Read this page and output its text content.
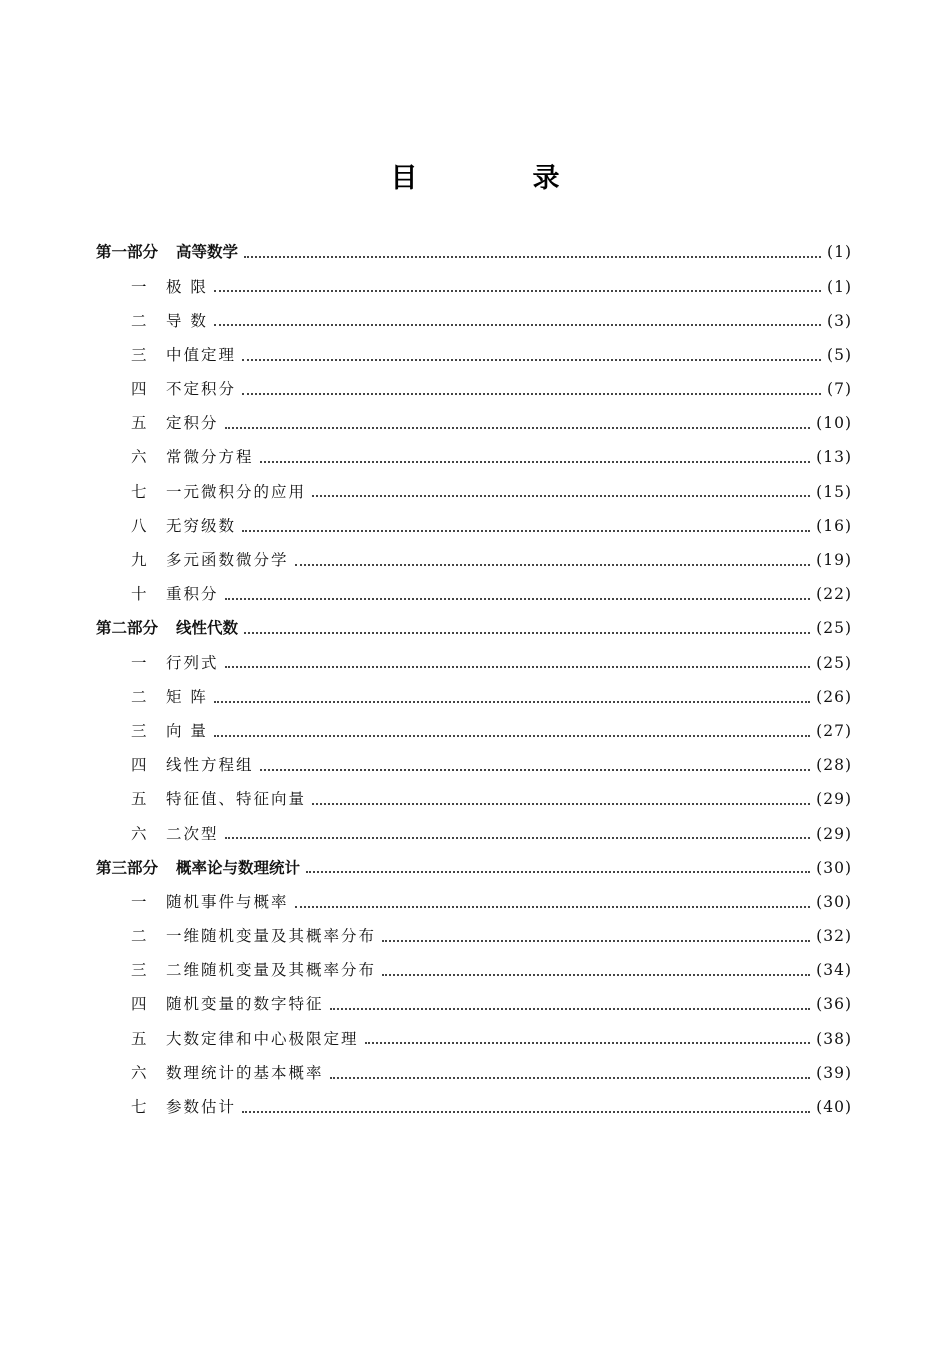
目　录
第一部分 高等数学	(1)
一	极 限	(1)
二	导 数	(3)
三	中值定理	(5)
四	不定积分	(7)
五	定积分	(10)
六	常微分方程	(13)
七	一元微积分的应用	(15)
八	无穷级数	(16)
九	多元函数微分学	(19)
十	重积分	(22)
第二部分 线性代数	(25)
一	行列式	(25)
二	矩 阵	(26)
三	向 量	(27)
四	线性方程组	(28)
五	特征值、特征向量	(29)
六	二次型	(29)
第三部分 概率论与数理统计	(30)
一	随机事件与概率	(30)
二	一维随机变量及其概率分布	(32)
三	二维随机变量及其概率分布	(34)
四	随机变量的数字特征	(36)
五	大数定律和中心极限定理	(38)
六	数理统计的基本概率	(39)
七	参数估计	(40)
